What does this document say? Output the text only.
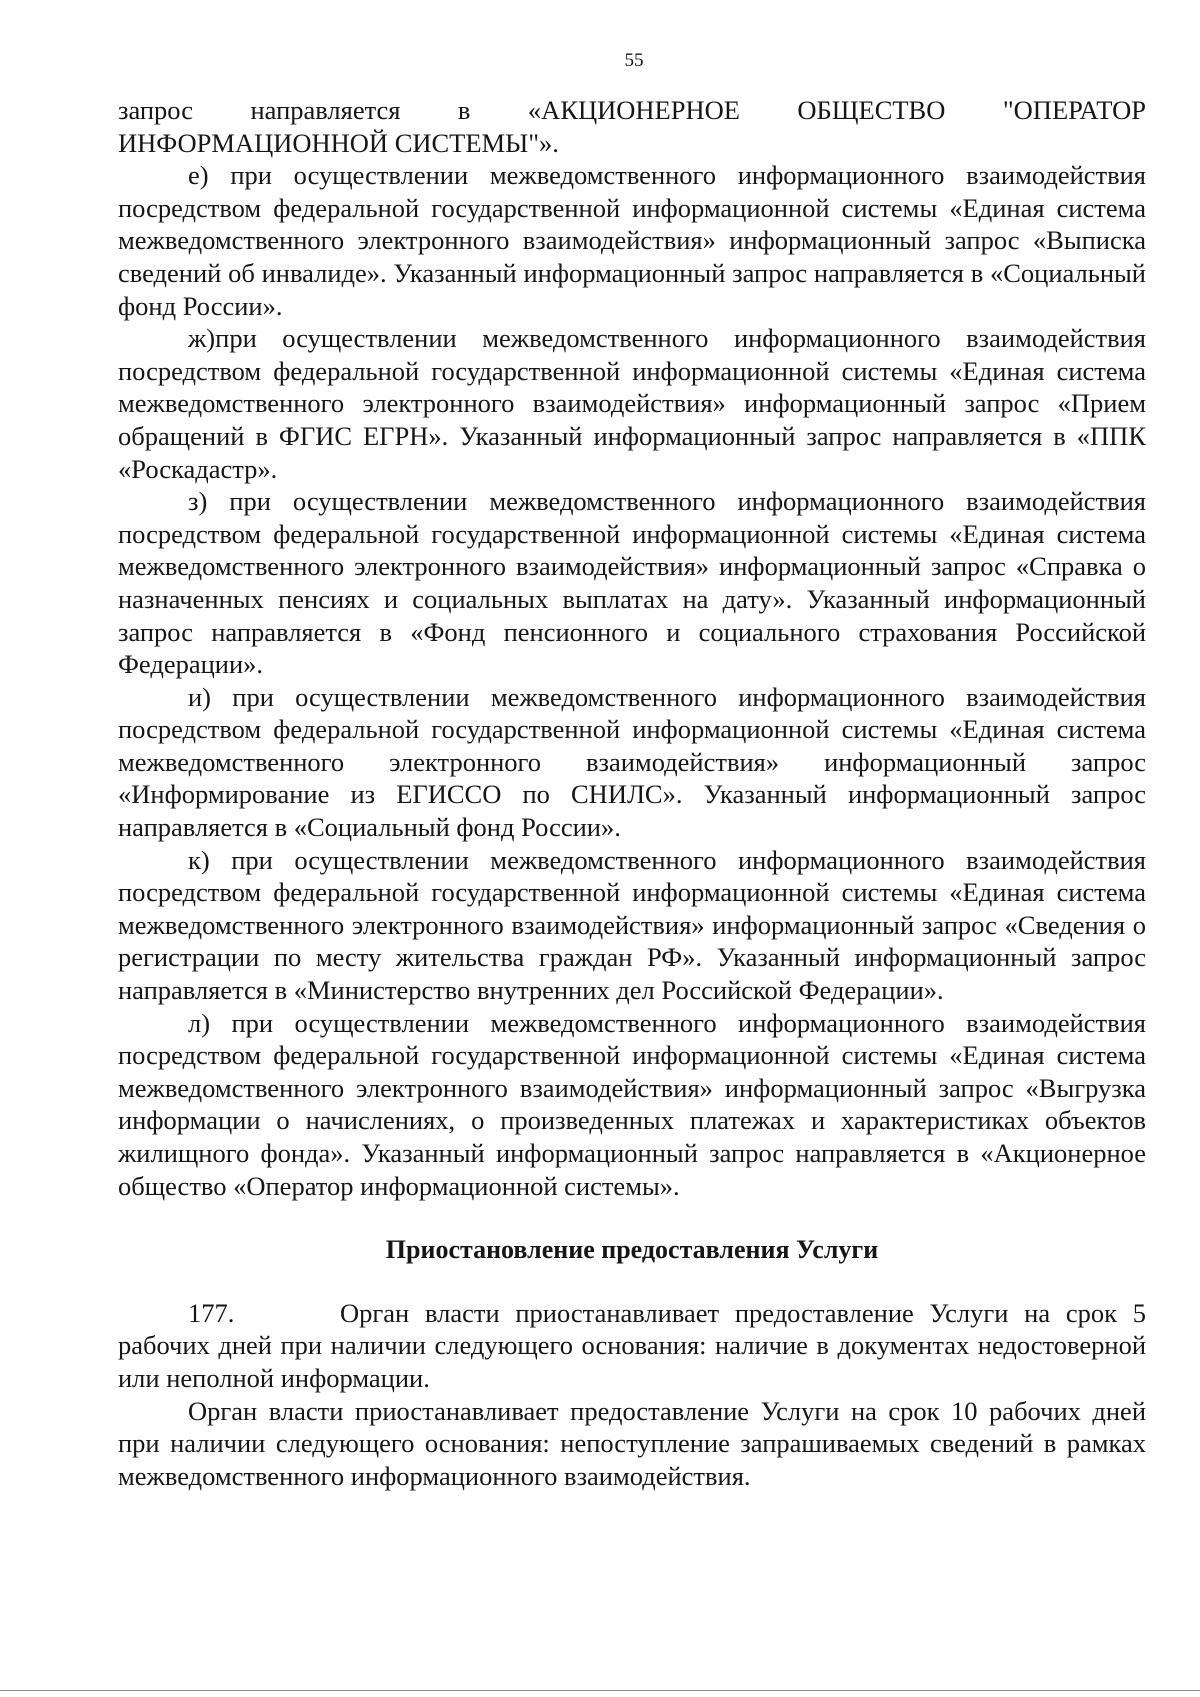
55

запрос направляется в «АКЦИОНЕРНОЕ ОБЩЕСТВО "ОПЕРАТОР ИНФОРМАЦИОННОЙ СИСТЕМЫ"».

е) при осуществлении межведомственного информационного взаимодействия посредством федеральной государственной информационной системы «Единая система межведомственного электронного взаимодействия» информационный запрос «Выписка сведений об инвалиде». Указанный информационный запрос направляется в «Социальный фонд России».

ж)при осуществлении межведомственного информационного взаимодействия посредством федеральной государственной информационной системы «Единая система межведомственного электронного взаимодействия» информационный запрос «Прием обращений в ФГИС ЕГРН». Указанный информационный запрос направляется в «ППК «Роскадастр».

з) при осуществлении межведомственного информационного взаимодействия посредством федеральной государственной информационной системы «Единая система межведомственного электронного взаимодействия» информационный запрос «Справка о назначенных пенсиях и социальных выплатах на дату». Указанный информационный запрос направляется в «Фонд пенсионного и социального страхования Российской Федерации».

и) при осуществлении межведомственного информационного взаимодействия посредством федеральной государственной информационной системы «Единая система межведомственного электронного взаимодействия» информационный запрос «Информирование из ЕГИССО по СНИЛС». Указанный информационный запрос направляется в «Социальный фонд России».

к) при осуществлении межведомственного информационного взаимодействия посредством федеральной государственной информационной системы «Единая система межведомственного электронного взаимодействия» информационный запрос «Сведения о регистрации по месту жительства граждан РФ». Указанный информационный запрос направляется в «Министерство внутренних дел Российской Федерации».

л) при осуществлении межведомственного информационного взаимодействия посредством федеральной государственной информационной системы «Единая система межведомственного электронного взаимодействия» информационный запрос «Выгрузка информации о начислениях, о произведенных платежах и характеристиках объектов жилищного фонда». Указанный информационный запрос направляется в «Акционерное общество «Оператор информационной системы».

Приостановление предоставления Услуги

177.	Орган власти приостанавливает предоставление Услуги на срок 5 рабочих дней при наличии следующего основания: наличие в документах недостоверной или неполной информации.

Орган власти приостанавливает предоставление Услуги на срок 10 рабочих дней при наличии следующего основания: непоступление запрашиваемых сведений в рамках межведомственного информационного взаимодействия.
